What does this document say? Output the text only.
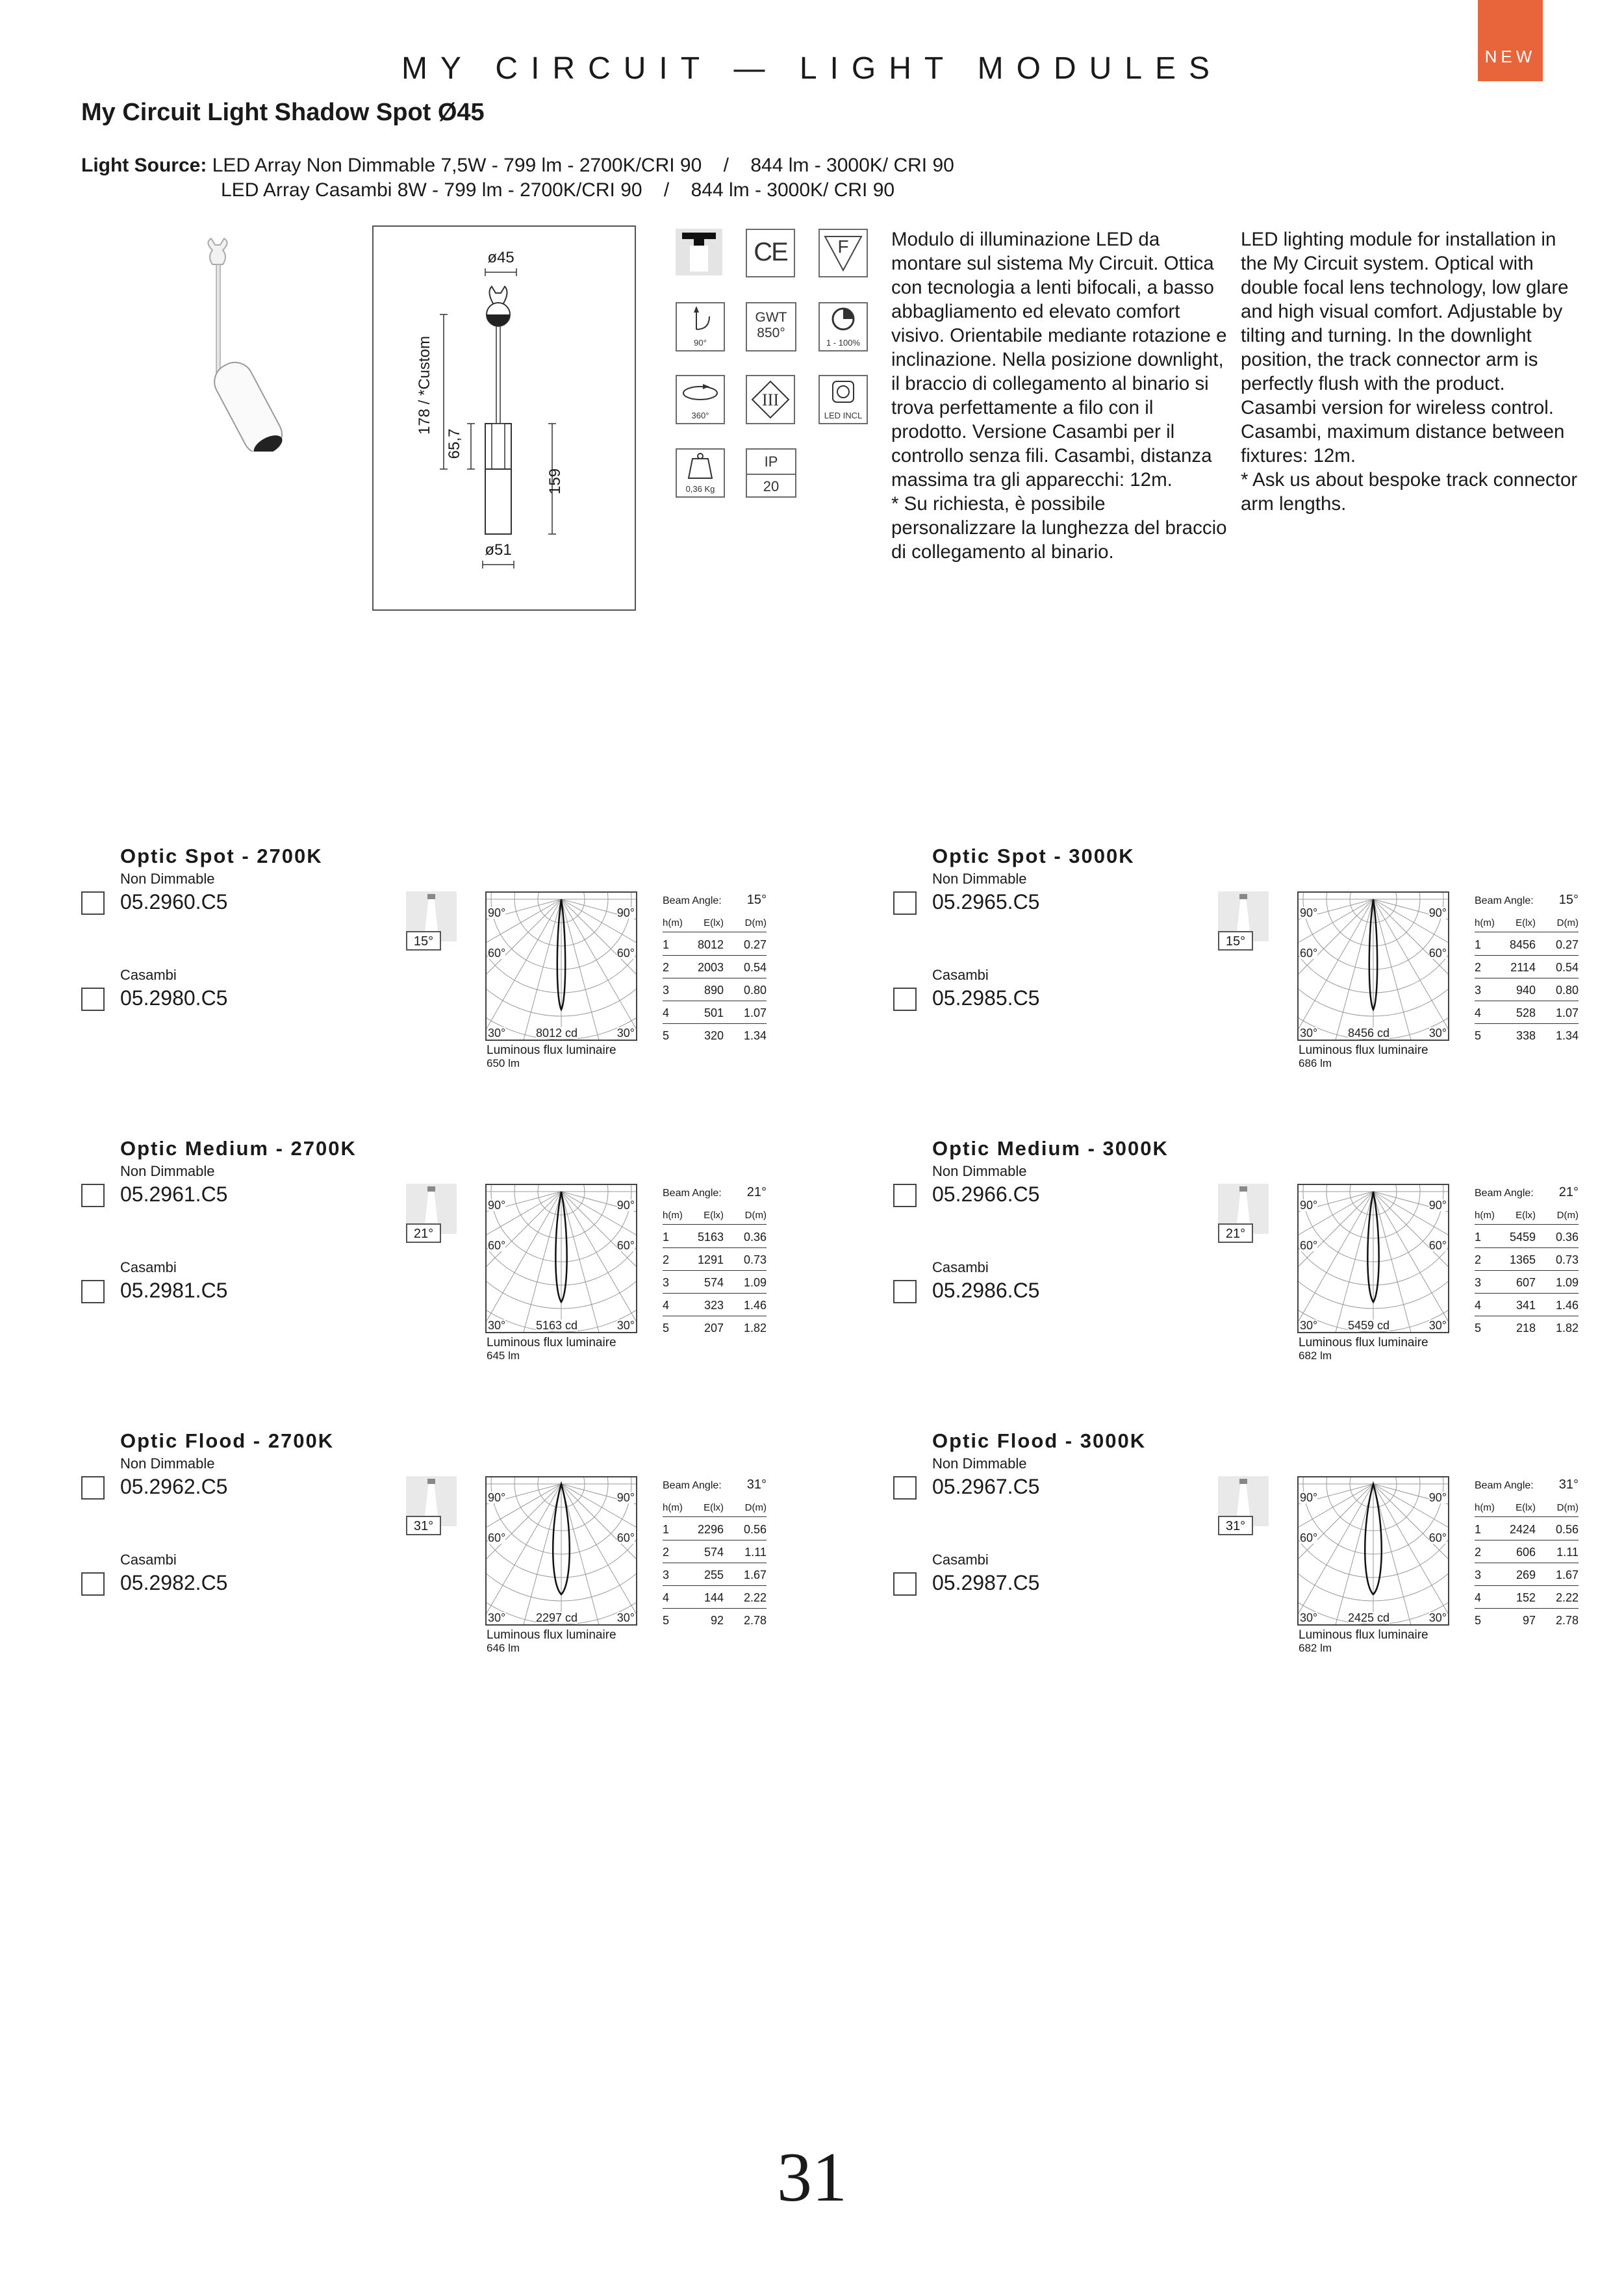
NEW
MY CIRCUIT — LIGHT MODULES
My Circuit Light Shadow Spot Ø45
Light Source: LED Array Non Dimmable 7,5W - 799 lm - 2700K/CRI 90    /    844 lm - 3000K/ CRI 90
LED Array Casambi 8W - 799 lm - 2700K/CRI 90    /    844 lm - 3000K/ CRI 90
ø45
ø51
178 / *Custom
65,7
159
CE	F
90°
GWT
850°
1 - 100%
360°
III
LED INCL
0,36 Kg
IP
20

Modulo di illuminazione LED da montare sul sistema My Circuit. Ottica con tecnologia a lenti bifocali, a basso abbagliamento ed elevato comfort visivo. Orientabile mediante rotazione e inclinazione. Nella posizione downlight, il braccio di collegamento al binario si trova perfettamente a filo con il prodotto. Versione Casambi per il controllo senza fili. Casambi, distanza massima tra gli apparecchi: 12m.

* Su richiesta, è possibile personalizzare la lunghezza del braccio di collegamento al binario.

LED lighting module for installation in the My Circuit system. Optical with double focal lens technology, low glare and high visual comfort. Adjustable by tilting and turning. In the downlight position, the track connector arm is perfectly flush with the product. Casambi version for wireless control. Casambi, maximum distance between fixtures: 12m.

* Ask us about bespoke track connector arm lengths.

Optic Spot - 2700K
Non Dimmable
05.2960.C5
Casambi
05.2980.C5
15°
90°	90°
60°	60°
30°	30°
8012 cd
Luminous flux luminaire
650 lm
Beam Angle: 15°
h(m) E(lx) D(m)
1 8012 0.27
2 2003 0.54
3	890 0.80
4	501 1.07
5	320 1.34
Optic Spot - 3000K
Non Dimmable
05.2965.C5
Casambi
05.2985.C5
15°
90°	90°
60°	60°
30°	30°
8456 cd
Luminous flux luminaire
686 lm
Beam Angle: 15°
h(m) E(lx) D(m)
1 8456 0.27
2	2114 0.54
3	940 0.80
4	528 1.07
5	338 1.34
Optic Medium - 2700K
Non Dimmable
05.2961.C5
Casambi
05.2981.C5
21°
90°	90°
60°	60°
30°	30°
5163 cd
Luminous flux luminaire
645 lm
Beam Angle: 21°
h(m) E(lx) D(m)
1 5163 0.36
2 1291 0.73
3	574 1.09
4	323 1.46
5	207 1.82
Optic Medium - 3000K
Non Dimmable
05.2966.C5
Casambi
05.2986.C5
21°
90°	90°
60°	60°
30°	30°
5459 cd
Luminous flux luminaire
682 lm
Beam Angle: 21°
h(m) E(lx) D(m)
1 5459 0.36
2 1365 0.73
3	607 1.09
4	341 1.46
5	218 1.82
Optic Flood - 2700K
Non Dimmable
05.2962.C5
Casambi
05.2982.C5
31°
90°	90°
60°	60°
30°	30°
2297 cd
Luminous flux luminaire
646 lm
Beam Angle: 31°
h(m) E(lx) D(m)
1 2296 0.56
2	574 1.11
3	255 1.67
4	144 2.22
5	92 2.78
Optic Flood - 3000K
Non Dimmable
05.2967.C5
Casambi
05.2987.C5
31°
90°	90°
60°	60°
30°	30°
2425 cd
Luminous flux luminaire
682 lm
Beam Angle: 31°
h(m) E(lx) D(m)
1 2424 0.56
2	606 1.11
3	269 1.67
4	152 2.22
5	97 2.78
31
